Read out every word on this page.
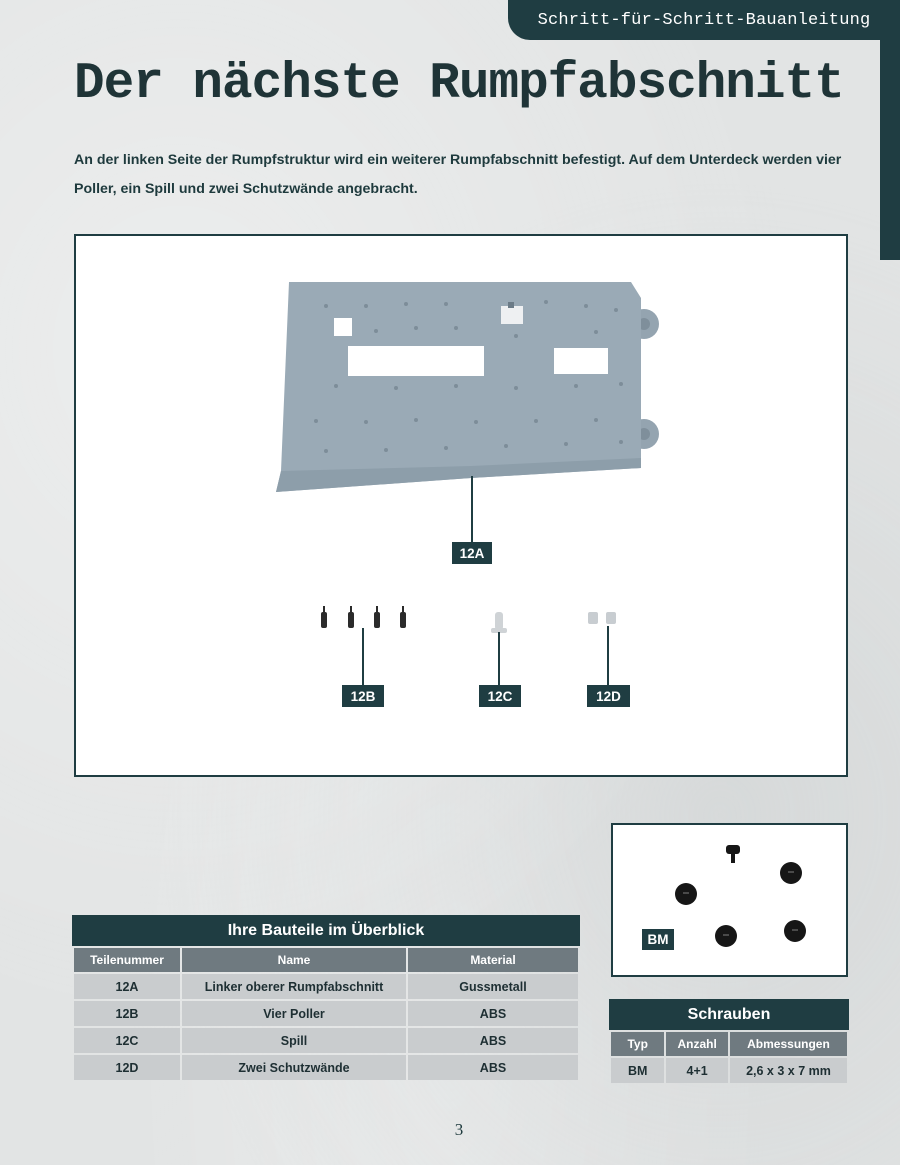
Schritt-für-Schritt-Bauanleitung
Der nächste Rumpfabschnitt

An der linken Seite der Rumpfstruktur wird ein weiterer Rumpfabschnitt befestigt. Auf dem Unterdeck werden vier Poller, ein Spill und zwei Schutzwände angebracht.

12A
12B	12C	12D
BM
Ihre Bauteile im Überblick
Teilenummer	Name	Material
12A	Linker oberer Rumpfabschnitt	Gussmetall
12B	Vier Poller	ABS
12C	Spill	ABS
12D	Zwei Schutzwände	ABS
Schrauben
Typ	Anzahl	Abmessungen
BM	4+1	2,6 x 3 x 7 mm
3
